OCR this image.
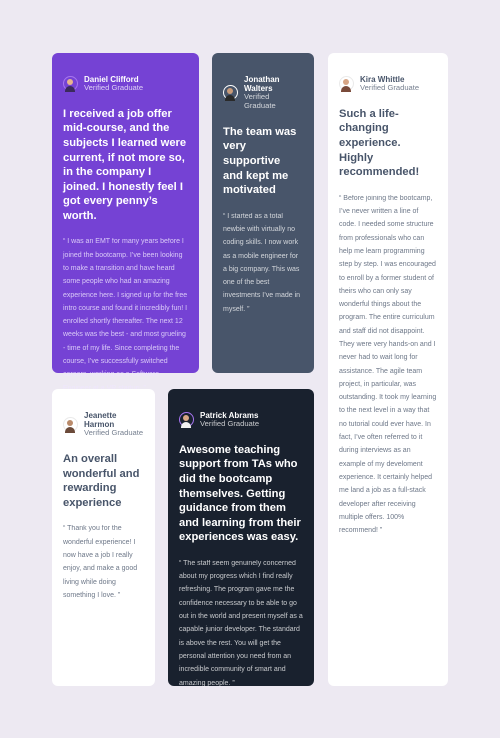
Daniel Clifford
Verified Graduate

I received a job offer mid-course, and the subjects I learned were current, if not more so, in the company I joined. I honestly feel I got every penny’s worth.

“ I was an EMT for many years before I joined the bootcamp. I’ve been looking to make a transition and have heard some people who had an amazing experience here. I signed up for the free intro course and found it incredibly fun! I enrolled shortly thereafter. The next 12 weeks was the best - and most grueling - time of my life. Since completing the course, I’ve successfully switched careers, working as a Software

Jonathan Walters
Verified Graduate

The team was very supportive and kept me motivated

“ I started as a total newbie with virtually no coding skills. I now work as a mobile engineer for a big company. This was one of the best investments I’ve made in myself. ”

Kira Whittle
Verified Graduate

Such a life-changing experience. Highly recommended!

“ Before joining the bootcamp, I’ve never written a line of code. I needed some structure from professionals who can help me learn programming step by step. I was encouraged to enroll by a former student of theirs who can only say wonderful things about the program. The entire curriculum and staff did not disappoint. They were very hands-on and I never had to wait long for assistance. The agile team project, in particular, was outstanding. It took my learning to the next level in a way that no tutorial could ever have. In fact, I’ve often referred to it during interviews as an example of my develoment experience. It certainly helped me land a job as a full-stack developer after receiving multiple offers. 100% recommend! ”

Jeanette Harmon
Verified Graduate

An overall wonderful and rewarding experience

“ Thank you for the wonderful experience! I now have a job I really enjoy, and make a good living while doing something I love. ”

Patrick Abrams
Verified Graduate

Awesome teaching support from TAs who did the bootcamp themselves. Getting guidance from them and learning from their experiences was easy.

“ The staff seem genuinely concerned about my progress which I find really refreshing. The program gave me the confidence necessary to be able to go out in the world and present myself as a capable junior developer. The standard is above the rest. You will get the personal attention you need from an incredible community of smart and amazing people. ”
